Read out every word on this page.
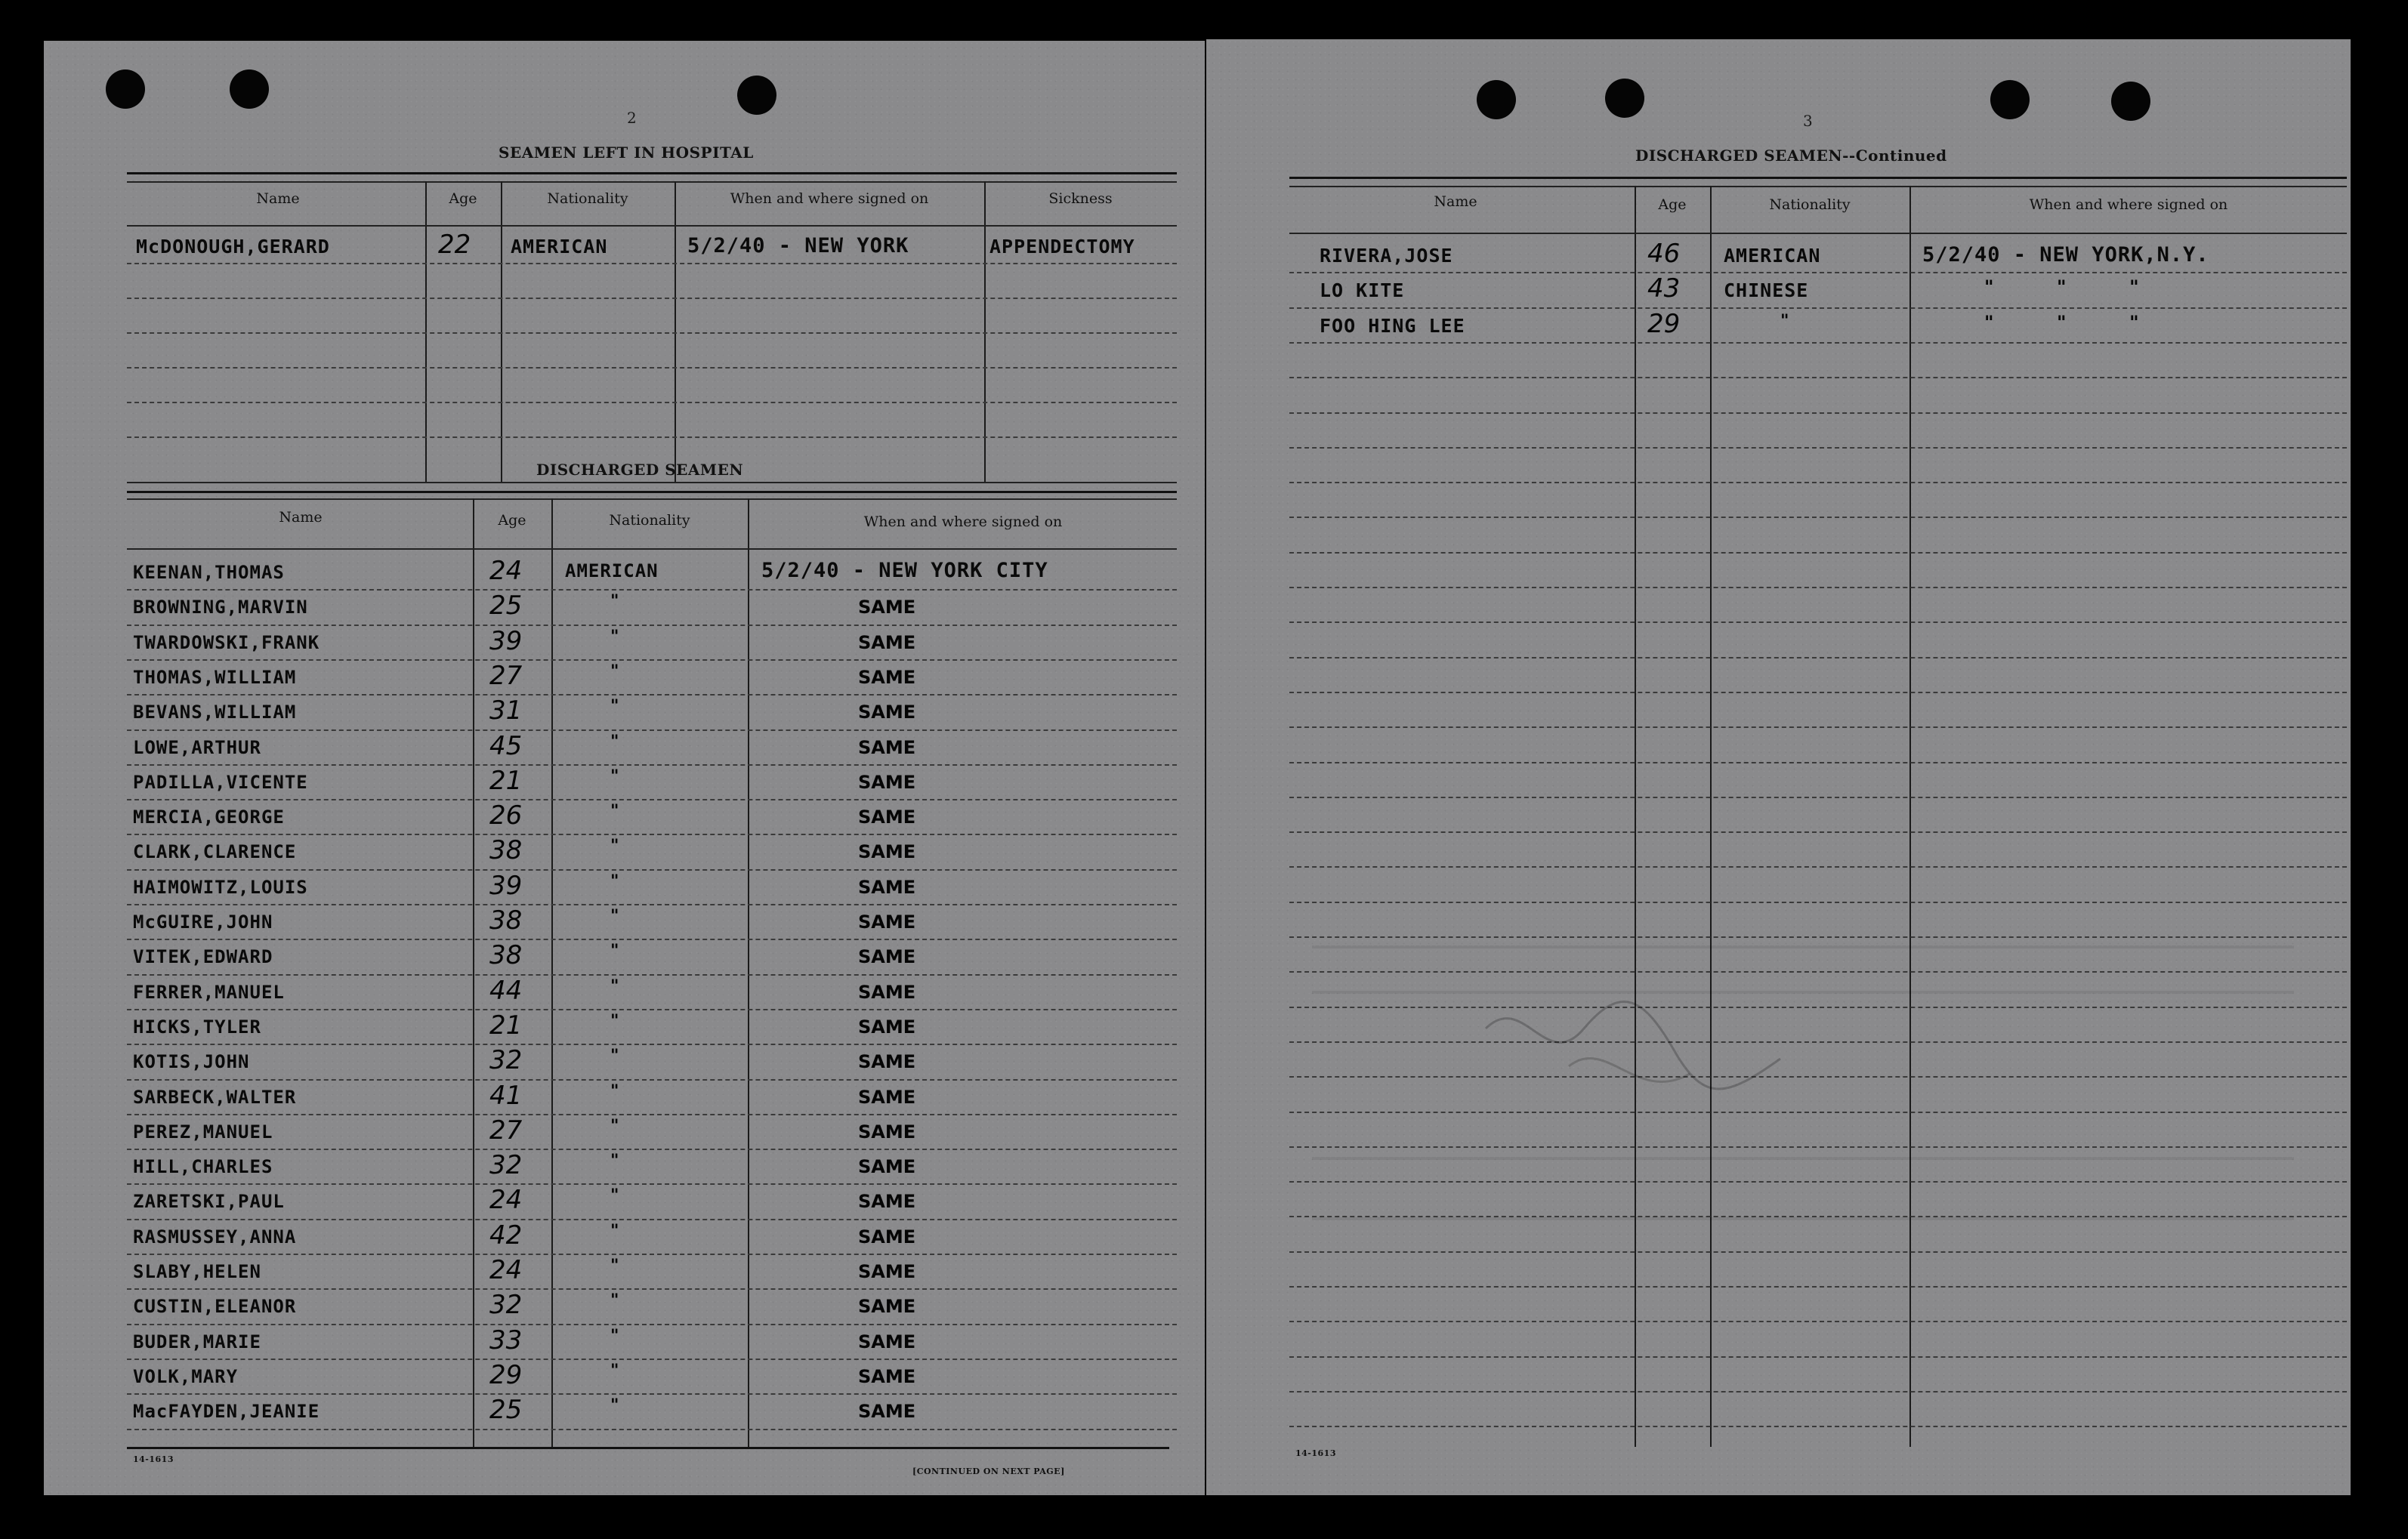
2
SEAMEN LEFT IN HOSPITAL
Name	Age	Nationality	When and where signed on	Sickness
McDONOUGH,GERARD	22 AMERICAN	5/2/40 - NEW YORK	APPENDECTOMY
DISCHARGED SEAMEN
Name	Age	Nationality	When and where signed on
KEENAN,THOMAS	24 AMERICAN	5/2/40 - NEW YORK CITY
BROWNING,MARVIN	25	"	SAME
TWARDOWSKI,FRANK	39	"	SAME
THOMAS,WILLIAM	27	"	SAME
BEVANS,WILLIAM	31	"	SAME
LOWE,ARTHUR	45	"	SAME
PADILLA,VICENTE	21	"	SAME
MERCIA,GEORGE	26	"	SAME
CLARK,CLARENCE	38	"	SAME
HAIMOWITZ,LOUIS	39	"	SAME
McGUIRE,JOHN	38	"	SAME
VITEK,EDWARD	38	"	SAME
FERRER,MANUEL	44	"	SAME
HICKS,TYLER	21	"	SAME
KOTIS,JOHN	32	"	SAME
SARBECK,WALTER	41	"	SAME
PEREZ,MANUEL	27	"	SAME
HILL,CHARLES	32	"	SAME
ZARETSKI,PAUL	24	"	SAME
RASMUSSEY,ANNA	42	"	SAME
SLABY,HELEN	24	"	SAME
CUSTIN,ELEANOR	32	"	SAME
BUDER,MARIE	33	"	SAME
VOLK,MARY	29	"	SAME
MacFAYDEN,JEANIE	25	"	SAME
14-1613
[CONTINUED ON NEXT PAGE]
3
DISCHARGED SEAMEN--Continued
Name	Age	Nationality	When and where signed on
RIVERA,JOSE	46 AMERICAN	5/2/40 - NEW YORK,N.Y.
LO KITE	43 CHINESE	"          "          "
FOO HING LEE	29	"	"          "          "
14-1613
